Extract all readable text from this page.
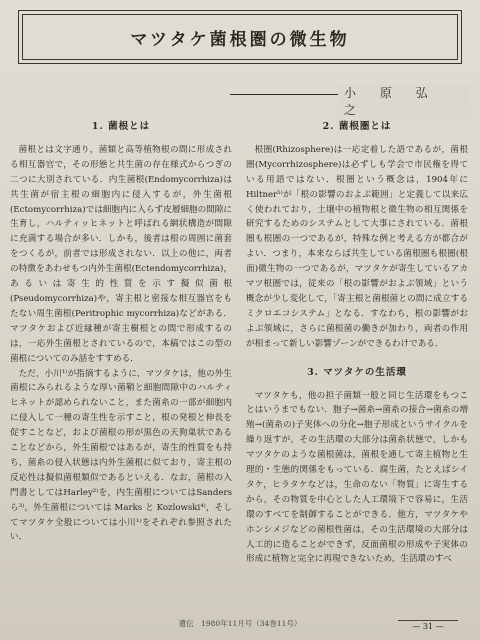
マツタケ菌根圏の微生物
小 原 弘 之
1. 菌根とは

菌根とは文字通り，菌類と高等植物根の間に形成される相互器官で，その形態と共生菌の存在様式からつぎの二つに大別されている．内生菌根(Endomycorrhiza)は共生菌が宿主根の細胞内に侵入するが，外生菌根(Ectomycorrhiza)では細胞内に入らず皮層細胞の間隙に生育し，ハルティッヒネットと呼ばれる網状構造が間隙に充満する場合が多い．しかも，後者は根の周囲に菌套をつくるが，前者では形成されない．以上の他に，両者の特徴をあわせもつ内外生菌根(Ectendomycorrhiza)，あるいは寄生的性質を示す擬似菌根(Pseudomycorrhiza)や，寄主根と密接な相互器官をもたない周生菌根(Peritrophic mycorrhiza)などがある．マツタケおよび近縁種が寄主樹根との間で形成するのは，一応外生菌根とされているので，本稿ではこの型の菌根についてのみ話をすすめる．

ただ，小川¹⁾が指摘するように，マツタケは，他の外生菌根にみられるような厚い菌鞘と細胞間隙中のハルティヒネットが認められないこと，また菌糸の一部が細胞内に侵入して一種の寄生性を示すこと，根の発根と伸長を促すことなど，および菌根の形が黒色の天狗巣状であることなどから，外生菌根ではあるが，寄生的性質をも持ち，菌糸の侵入状態は内外生菌根に似ており，寄主根の反応性は擬似菌根類似であるといえる．なお，菌根の入門書としてはHarley²⁾を，内生菌根についてはSanders ら³⁾，外生菌根については Marks と Kozlowski⁴⁾，そしてマツタケ全般については小川¹⁾をそれぞれ参照されたい．

2. 菌根圏とは

根圏(Rhizosphere)は一応定着した語であるが，菌根圏(Mycorrhizosphere)は必ずしも学会で市民権を得ている用語ではない．根圏という概念は，1904年に Hiltner⁵⁾が「根の影響のおよぶ範囲」と定義して以来広く使われており，土壌中の植物根と微生物の相互関係を研究するためのシステムとして大事にされている．菌根圏も根圏の一つであるが，特殊な例と考える方が都合がよい．つまり，本来ならば共生している菌根圏も根圏(根面)微生物の一つであるが，マツタケが寄生しているアカマツ根圏では，従来の「根の影響がおよぶ領域」という概念が少し変化して，「寄主根と菌根菌との間に成立するミクロエコシステム」となる．すなわち，根の影響がおよぶ領域に，さらに菌根菌の働きが加わり，両者の作用が相まって新しい影響ゾーンができるわけである．

3. マツタケの生活環

マツタケも，他の担子菌類一般と同じ生活環をもつことはいうまでもない．胞子→菌糸→菌糸の接合→菌糸の増殖→(菌糸の)子実体への分化→胞子形成というサイクルを繰り返すが，その生活環の大部分は菌糸状態で，しかもマツタケのような菌根菌は，菌根を通して寄主植物と生理的・生態的関係をもっている．腐生菌，たとえばシイタケ，ヒラタケなどは，生命のない「物質」に寄生するから，その物質を中心とした人工環境下で容易に，生活環のすべてを制御することができる．他方，マツタケやホンシメジなどの菌根性菌は，その生活環境の大部分は人工的に造ることができず，反面菌根の形成や子実体の形成に植物と完全に再現できないため，生活環のすべ

遺伝　1980年11月号（34巻11号）	— 31 —
